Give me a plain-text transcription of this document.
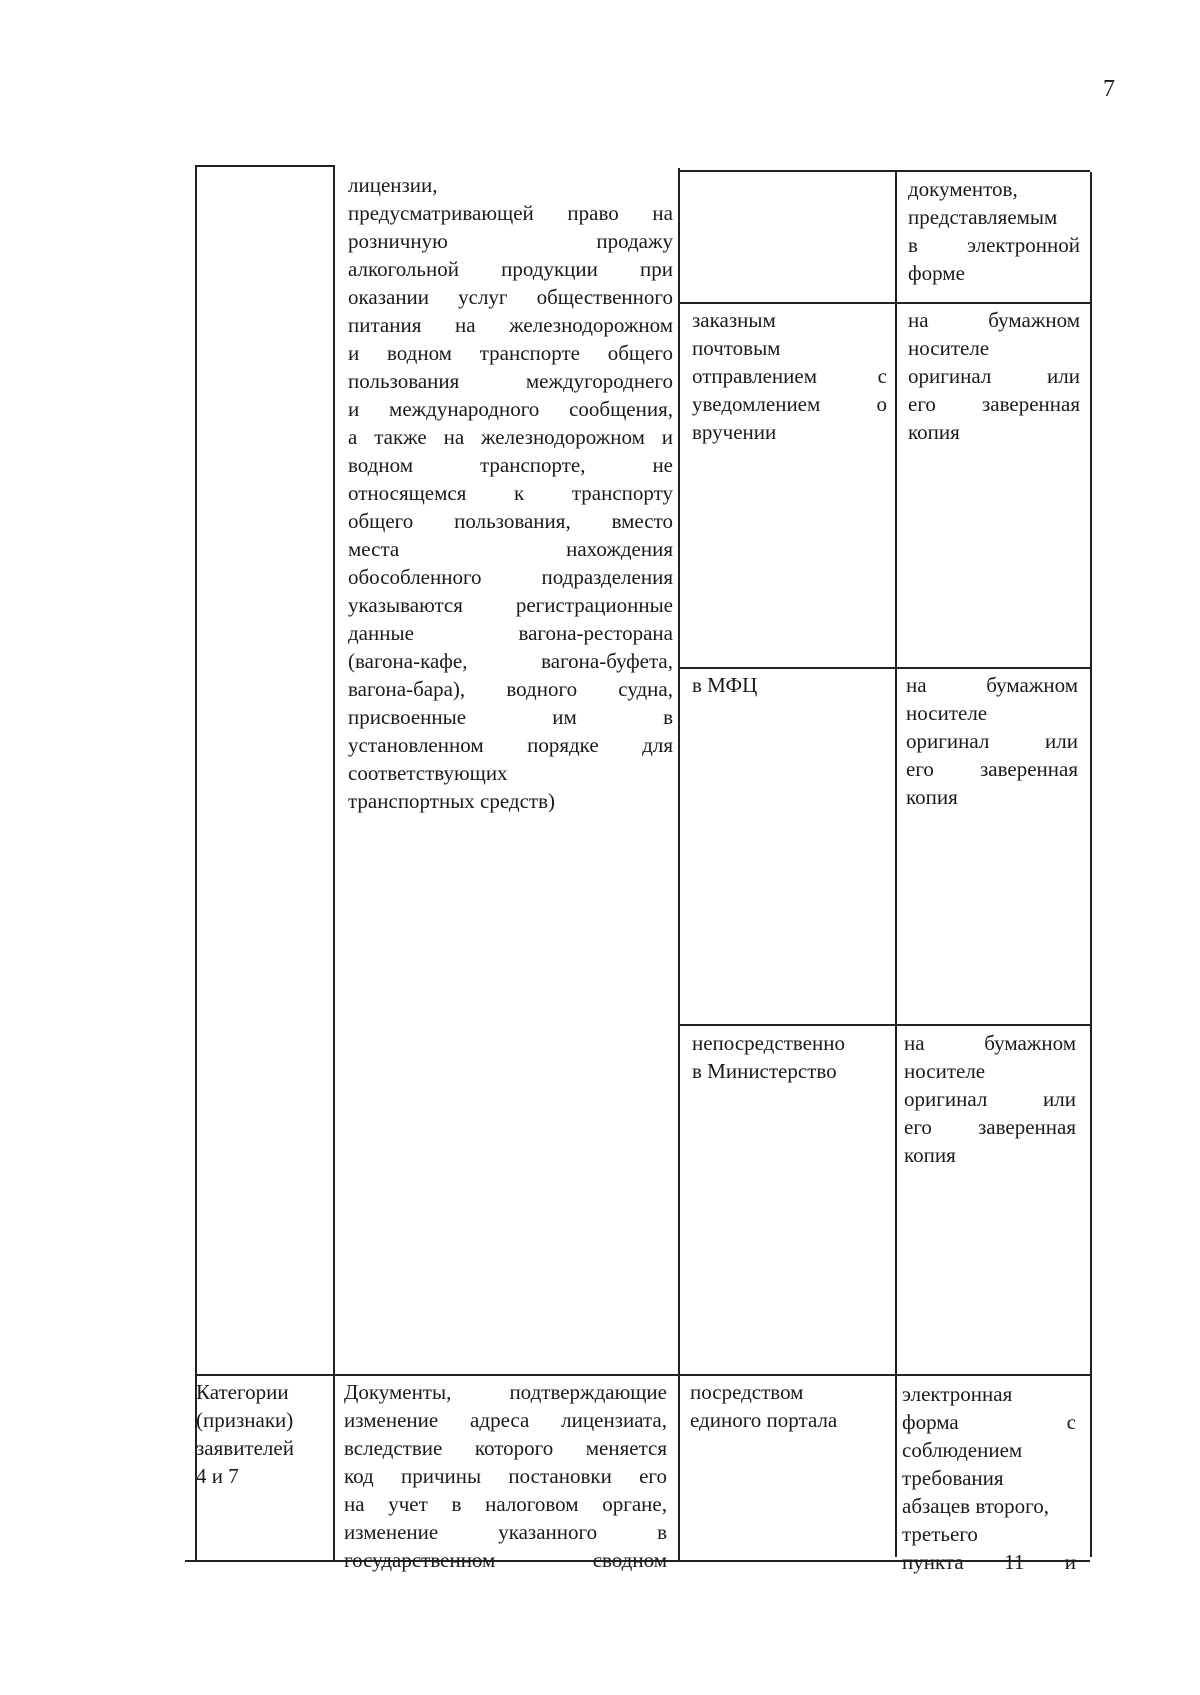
7
лицензии,
предусматривающей право на
розничную продажу
алкогольной продукции при
оказании услуг общественного
питания на железнодорожном
и водном транспорте общего
пользования междугороднего
и международного сообщения,
а также на железнодорожном и
водном транспорте, не
относящемся к транспорту
общего пользования, вместо
места нахождения
обособленного подразделения
указываются регистрационные
данные вагона-ресторана
(вагона-кафе, вагона-буфета,
вагона-бара), водного судна,
присвоенные им в
установленном порядке для
соответствующих
транспортных средств)
документов,
представляемым
в электронной
форме
заказным
почтовым
отправлением с
уведомлением о
вручении
на бумажном
носителе
оригинал или
его заверенная
копия
в МФЦ	на бумажном
носителе
оригинал или
его заверенная
копия
непосредственно
в Министерство
на бумажном
носителе
оригинал или
его заверенная
копия
Категории
(признаки)
заявителей
4 и 7
Документы, подтверждающие
изменение адреса лицензиата,
вследствие которого меняется
код причины постановки его
на учет в налоговом органе,
изменение указанного в
государственном сводном
посредством
единого портала
электронная
форма с
соблюдением
требования
абзацев второго,
третьего
пункта 11 и
